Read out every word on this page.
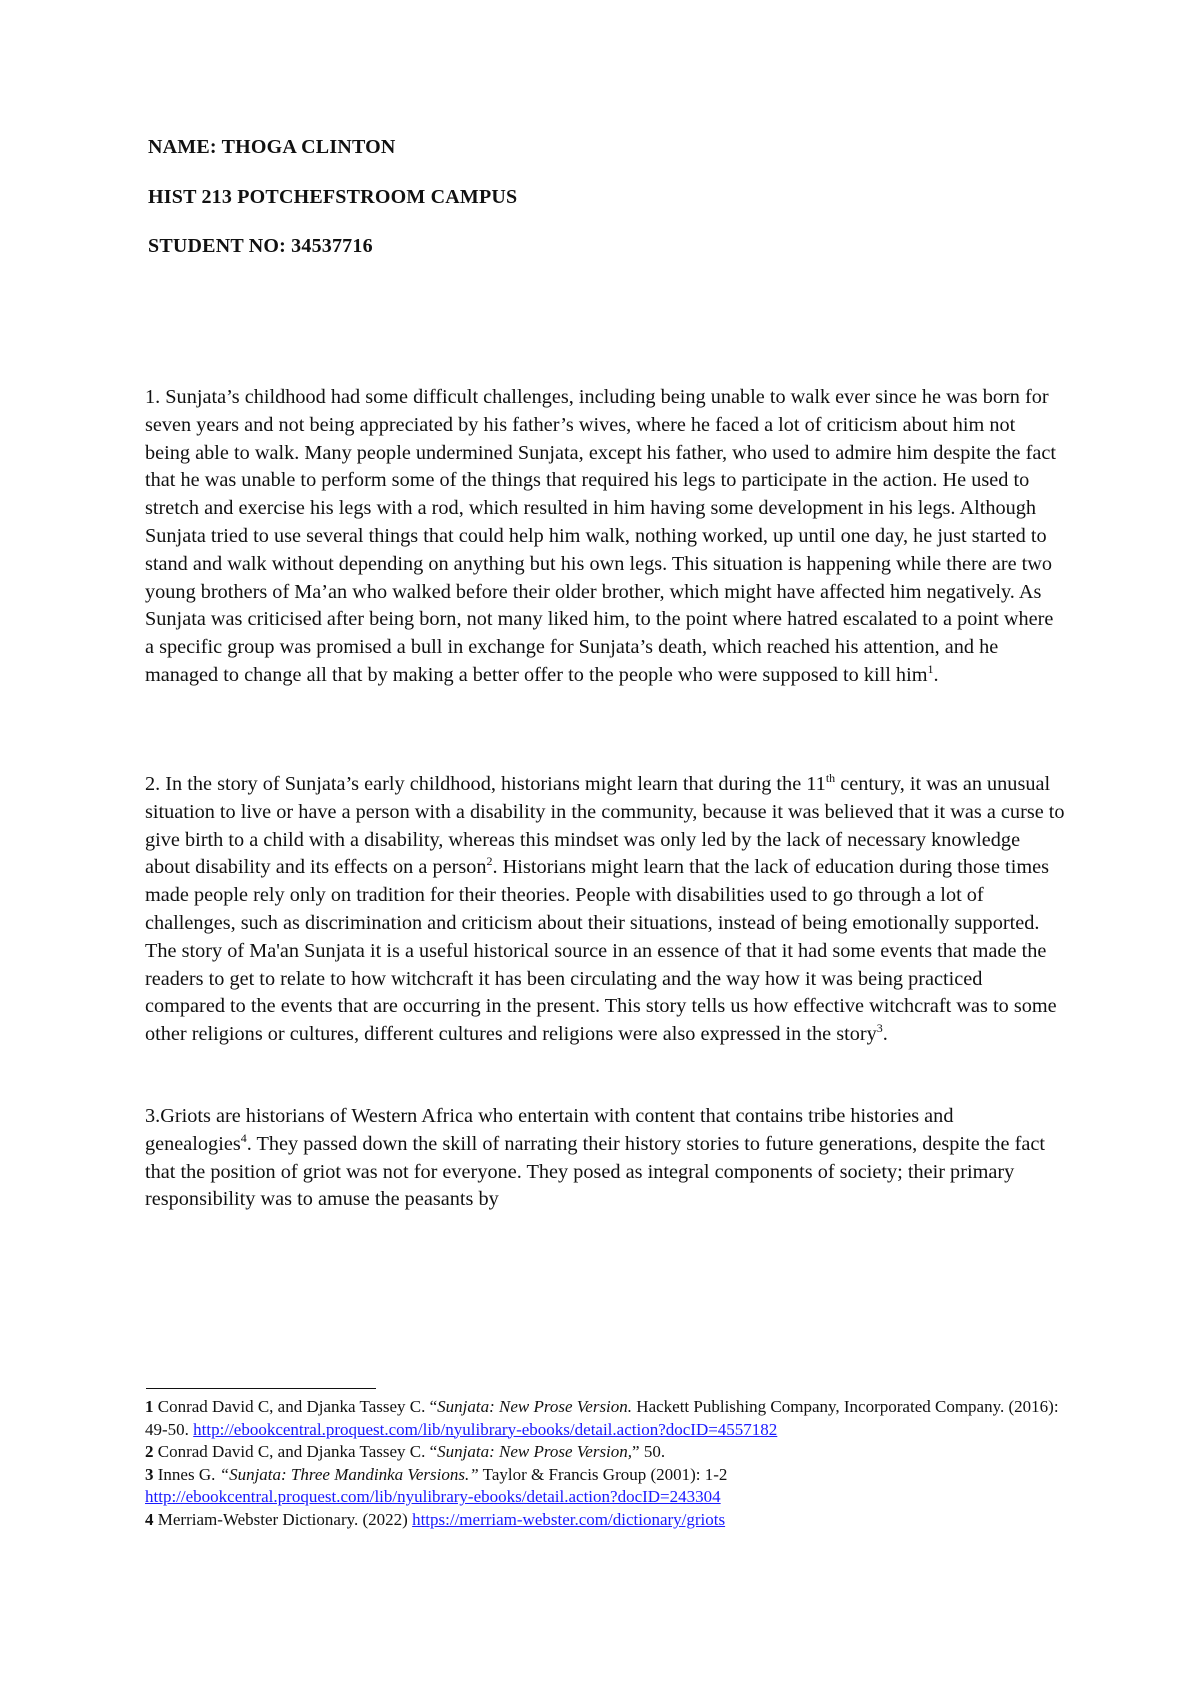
NAME: THOGA CLINTON

HIST 213 POTCHEFSTROOM CAMPUS

STUDENT NO: 34537716

1. Sunjata’s childhood had some difficult challenges, including being unable to walk ever since he was born for seven years and not being appreciated by his father’s wives, where he faced a lot of criticism about him not being able to walk. Many people undermined Sunjata, except his father, who used to admire him despite the fact that he was unable to perform some of the things that required his legs to participate in the action. He used to stretch and exercise his legs with a rod, which resulted in him having some development in his legs. Although Sunjata tried to use several things that could help him walk, nothing worked, up until one day, he just started to stand and walk without depending on anything but his own legs. This situation is happening while there are two young brothers of Ma’an who walked before their older brother, which might have affected him negatively. As Sunjata was criticised after being born, not many liked him, to the point where hatred escalated to a point where a specific group was promised a bull in exchange for Sunjata’s death, which reached his attention, and he managed to change all that by making a better offer to the people who were supposed to kill him$^1$.

2. In the story of Sunjata’s early childhood, historians might learn that during the 11th century, it was an unusual situation to live or have a person with a disability in the community, because it was believed that it was a curse to give birth to a child with a disability, whereas this mindset was only led by the lack of necessary knowledge about disability and its effects on a person$^2$. Historians might learn that the lack of education during those times made people rely only on tradition for their theories. People with disabilities used to go through a lot of challenges, such as discrimination and criticism about their situations, instead of being emotionally supported. The story of Ma'an Sunjata it is a useful historical source in an essence of that it had some events that made the readers to get to relate to how witchcraft it has been circulating and the way how it was being practiced compared to the events that are occurring in the present. This story tells us how effective witchcraft was to some other religions or cultures, different cultures and religions were also expressed in the story$^3$.

3.Griots are historians of Western Africa who entertain with content that contains tribe histories and genealogies$^4$. They passed down the skill of narrating their history stories to future generations, despite the fact that the position of griot was not for everyone. They posed as integral components of society; their primary responsibility was to amuse the peasants by

1 Conrad David C, and Djanka Tassey C. “Sunjata: New Prose Version. Hackett Publishing Company, Incorporated Company. (2016): 49-50. http://ebookcentral.proquest.com/lib/nyulibrary-ebooks/detail.action?docID=4557182

2 Conrad David C, and Djanka Tassey C. “Sunjata: New Prose Version,” 50.

3 Innes G. “Sunjata: Three Mandinka Versions.” Taylor & Francis Group (2001): 1-2
http://ebookcentral.proquest.com/lib/nyulibrary-ebooks/detail.action?docID=243304

4 Merriam-Webster Dictionary. (2022) https://merriam-webster.com/dictionary/griots
